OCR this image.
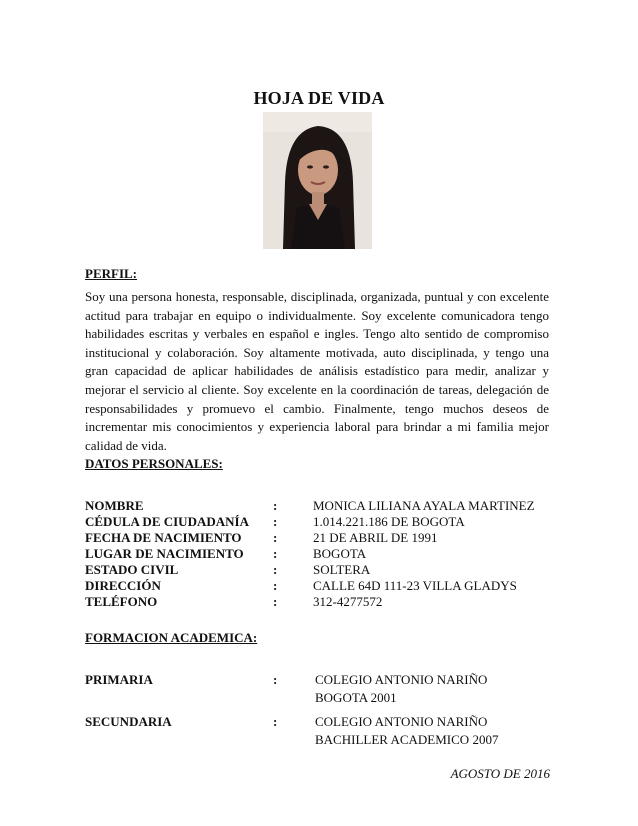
HOJA DE VIDA
PERFIL:
Soy una persona honesta, responsable, disciplinada, organizada, puntual y con excelente actitud para trabajar en equipo o individualmente. Soy excelente comunicadora tengo habilidades escritas y verbales en español e ingles. Tengo alto sentido de compromiso institucional y colaboración. Soy altamente motivada, auto disciplinada, y tengo una gran capacidad de aplicar habilidades de análisis estadístico para medir, analizar y mejorar el servicio al cliente. Soy excelente en la coordinación de tareas, delegación de responsabilidades y promuevo el cambio. Finalmente, tengo muchos deseos de incrementar mis conocimientos y experiencia laboral para brindar a mi familia mejor calidad de vida.
DATOS PERSONALES:
NOMBRE	:	MONICA LILIANA AYALA MARTINEZ
CÉDULA DE CIUDADANÍA :	1.014.221.186 DE BOGOTA
FECHA DE NACIMIENTO :	21 DE ABRIL DE 1991
LUGAR DE NACIMIENTO :	BOGOTA
ESTADO CIVIL	:	SOLTERA
DIRECCIÓN	:	CALLE 64D 111-23 VILLA GLADYS
TELÉFONO	:	312-4277572
FORMACION ACADEMICA:
PRIMARIA	:	COLEGIO ANTONIO NARIÑO
BOGOTA 2001
SECUNDARIA	:	COLEGIO ANTONIO NARIÑO
BACHILLER ACADEMICO 2007
AGOSTO DE 2016
